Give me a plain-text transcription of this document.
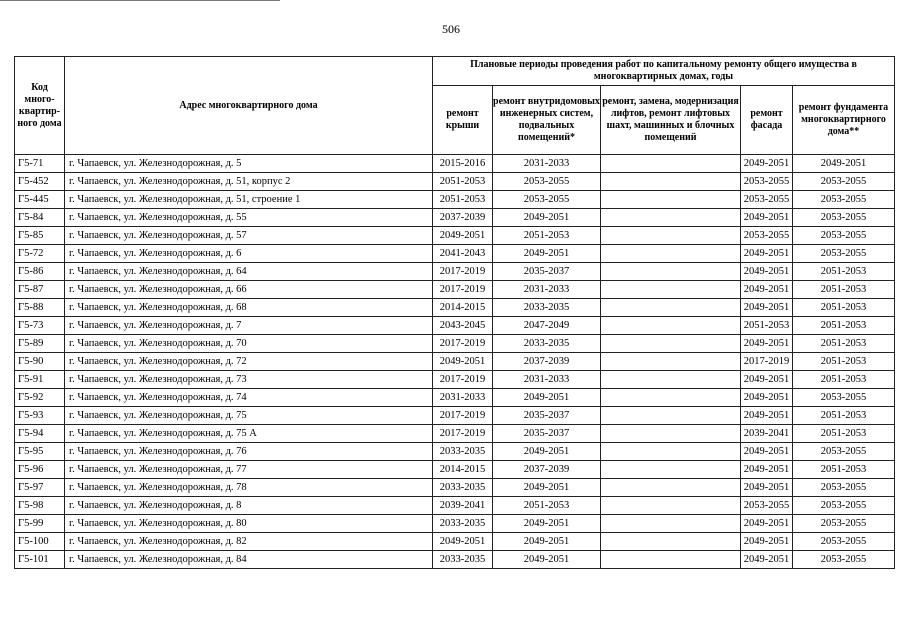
506
Код много-квартир-ного дома	Адрес многоквартирного дома	Плановые периоды проведения работ по капитальному ремонту общего имущества в многоквартирных домах, годы				
		ремонт крыши	ремонт внутридомовых инженерных систем, подвальных помещений*	ремонт, замена, модернизация лифтов, ремонт лифтовых шахт, машинных и блочных помещений	ремонт фасада	ремонт фундамента многоквартирного дома**
Г5-71	г. Чапаевск, ул. Железнодорожная, д. 5	2015-2016	2031-2033		2049-2051	2049-2051
Г5-452	г. Чапаевск, ул. Железнодорожная, д. 51, корпус 2	2051-2053	2053-2055		2053-2055	2053-2055
Г5-445	г. Чапаевск, ул. Железнодорожная, д. 51, строение 1	2051-2053	2053-2055		2053-2055	2053-2055
Г5-84	г. Чапаевск, ул. Железнодорожная, д. 55	2037-2039	2049-2051		2049-2051	2053-2055
Г5-85	г. Чапаевск, ул. Железнодорожная, д. 57	2049-2051	2051-2053		2053-2055	2053-2055
Г5-72	г. Чапаевск, ул. Железнодорожная, д. 6	2041-2043	2049-2051		2049-2051	2053-2055
Г5-86	г. Чапаевск, ул. Железнодорожная, д. 64	2017-2019	2035-2037		2049-2051	2051-2053
Г5-87	г. Чапаевск, ул. Железнодорожная, д. 66	2017-2019	2031-2033		2049-2051	2051-2053
Г5-88	г. Чапаевск, ул. Железнодорожная, д. 68	2014-2015	2033-2035		2049-2051	2051-2053
Г5-73	г. Чапаевск, ул. Железнодорожная, д. 7	2043-2045	2047-2049		2051-2053	2051-2053
Г5-89	г. Чапаевск, ул. Железнодорожная, д. 70	2017-2019	2033-2035		2049-2051	2051-2053
Г5-90	г. Чапаевск, ул. Железнодорожная, д. 72	2049-2051	2037-2039		2017-2019	2051-2053
Г5-91	г. Чапаевск, ул. Железнодорожная, д. 73	2017-2019	2031-2033		2049-2051	2051-2053
Г5-92	г. Чапаевск, ул. Железнодорожная, д. 74	2031-2033	2049-2051		2049-2051	2053-2055
Г5-93	г. Чапаевск, ул. Железнодорожная, д. 75	2017-2019	2035-2037		2049-2051	2051-2053
Г5-94	г. Чапаевск, ул. Железнодорожная, д. 75 А	2017-2019	2035-2037		2039-2041	2051-2053
Г5-95	г. Чапаевск, ул. Железнодорожная, д. 76	2033-2035	2049-2051		2049-2051	2053-2055
Г5-96	г. Чапаевск, ул. Железнодорожная, д. 77	2014-2015	2037-2039		2049-2051	2051-2053
Г5-97	г. Чапаевск, ул. Железнодорожная, д. 78	2033-2035	2049-2051		2049-2051	2053-2055
Г5-98	г. Чапаевск, ул. Железнодорожная, д. 8	2039-2041	2051-2053		2053-2055	2053-2055
Г5-99	г. Чапаевск, ул. Железнодорожная, д. 80	2033-2035	2049-2051		2049-2051	2053-2055
Г5-100	г. Чапаевск, ул. Железнодорожная, д. 82	2049-2051	2049-2051		2049-2051	2053-2055
Г5-101	г. Чапаевск, ул. Железнодорожная, д. 84	2033-2035	2049-2051		2049-2051	2053-2055
